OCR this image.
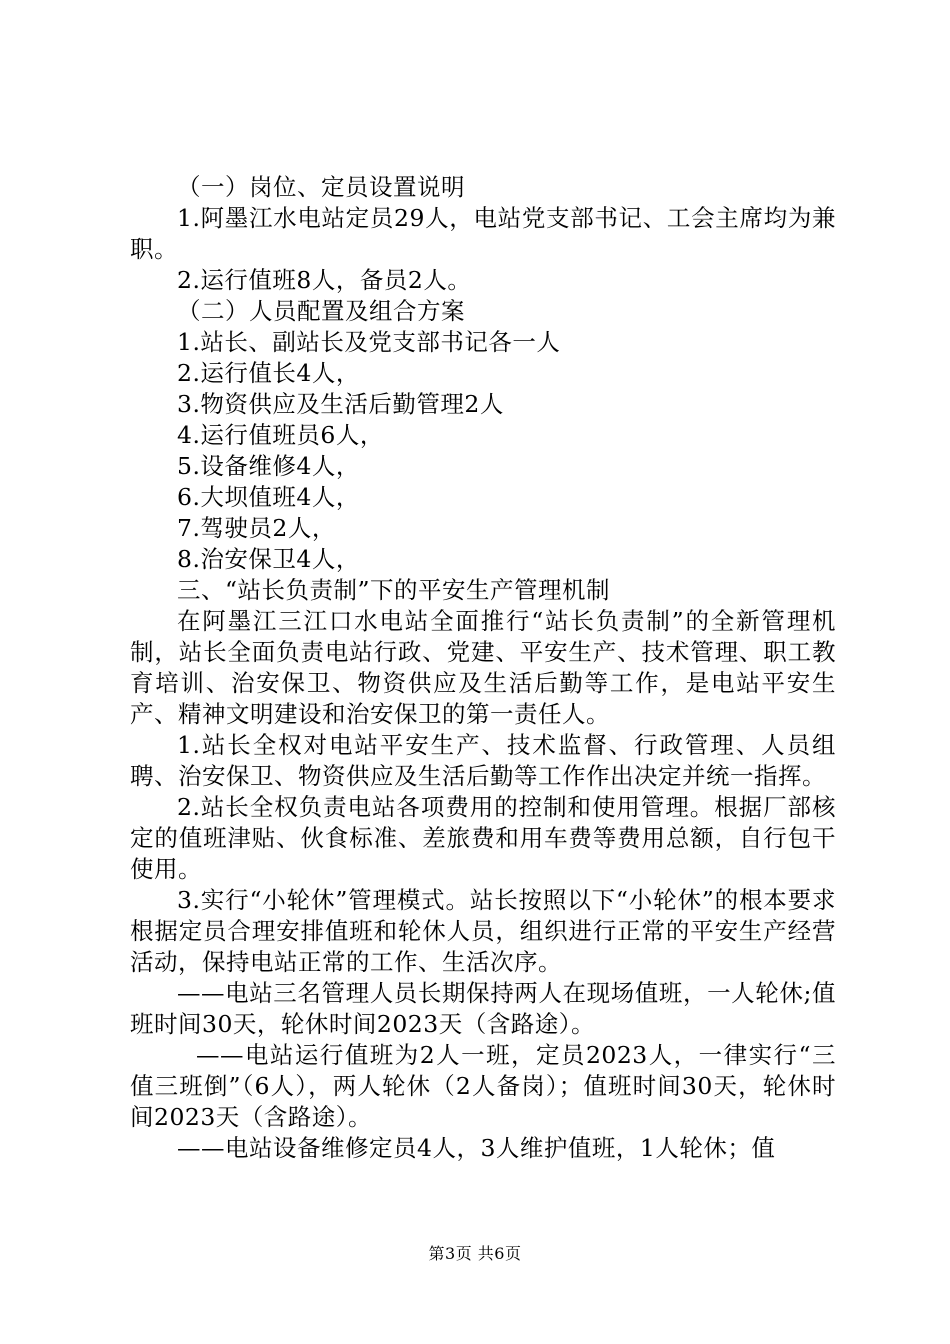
（一）岗位、定员设置说明

1.阿墨江水电站定员29人，电站党支部书记、工会主席均为兼职。

2.运行值班8人，备员2人。

（二）人员配置及组合方案

1.站长、副站长及党支部书记各一人

2.运行值长4人，

3.物资供应及生活后勤管理2人

4.运行值班员6人，

5.设备维修4人，

6.大坝值班4人，

7.驾驶员2人，

8.治安保卫4人，

三、“站长负责制”下的平安生产管理机制

在阿墨江三江口水电站全面推行“站长负责制”的全新管理机制，站长全面负责电站行政、党建、平安生产、技术管理、职工教育培训、治安保卫、物资供应及生活后勤等工作，是电站平安生产、精神文明建设和治安保卫的第一责任人。

1.站长全权对电站平安生产、技术监督、行政管理、人员组聘、治安保卫、物资供应及生活后勤等工作作出决定并统一指挥。

2.站长全权负责电站各项费用的控制和使用管理。根据厂部核定的值班津贴、伙食标准、差旅费和用车费等费用总额，自行包干使用。

3.实行“小轮休”管理模式。站长按照以下“小轮休”的根本要求根据定员合理安排值班和轮休人员，组织进行正常的平安生产经营活动，保持电站正常的工作、生活次序。

——电站三名管理人员长期保持两人在现场值班，一人轮休;值班时间30天，轮休时间2023天（含路途）。

——电站运行值班为2人一班，定员2023人，一律实行“三值三班倒”（6人），两人轮休（2人备岗）；值班时间30天，轮休时间2023天（含路途）。

——电站设备维修定员4人，3人维护值班，1人轮休；值

第3页 共6页
